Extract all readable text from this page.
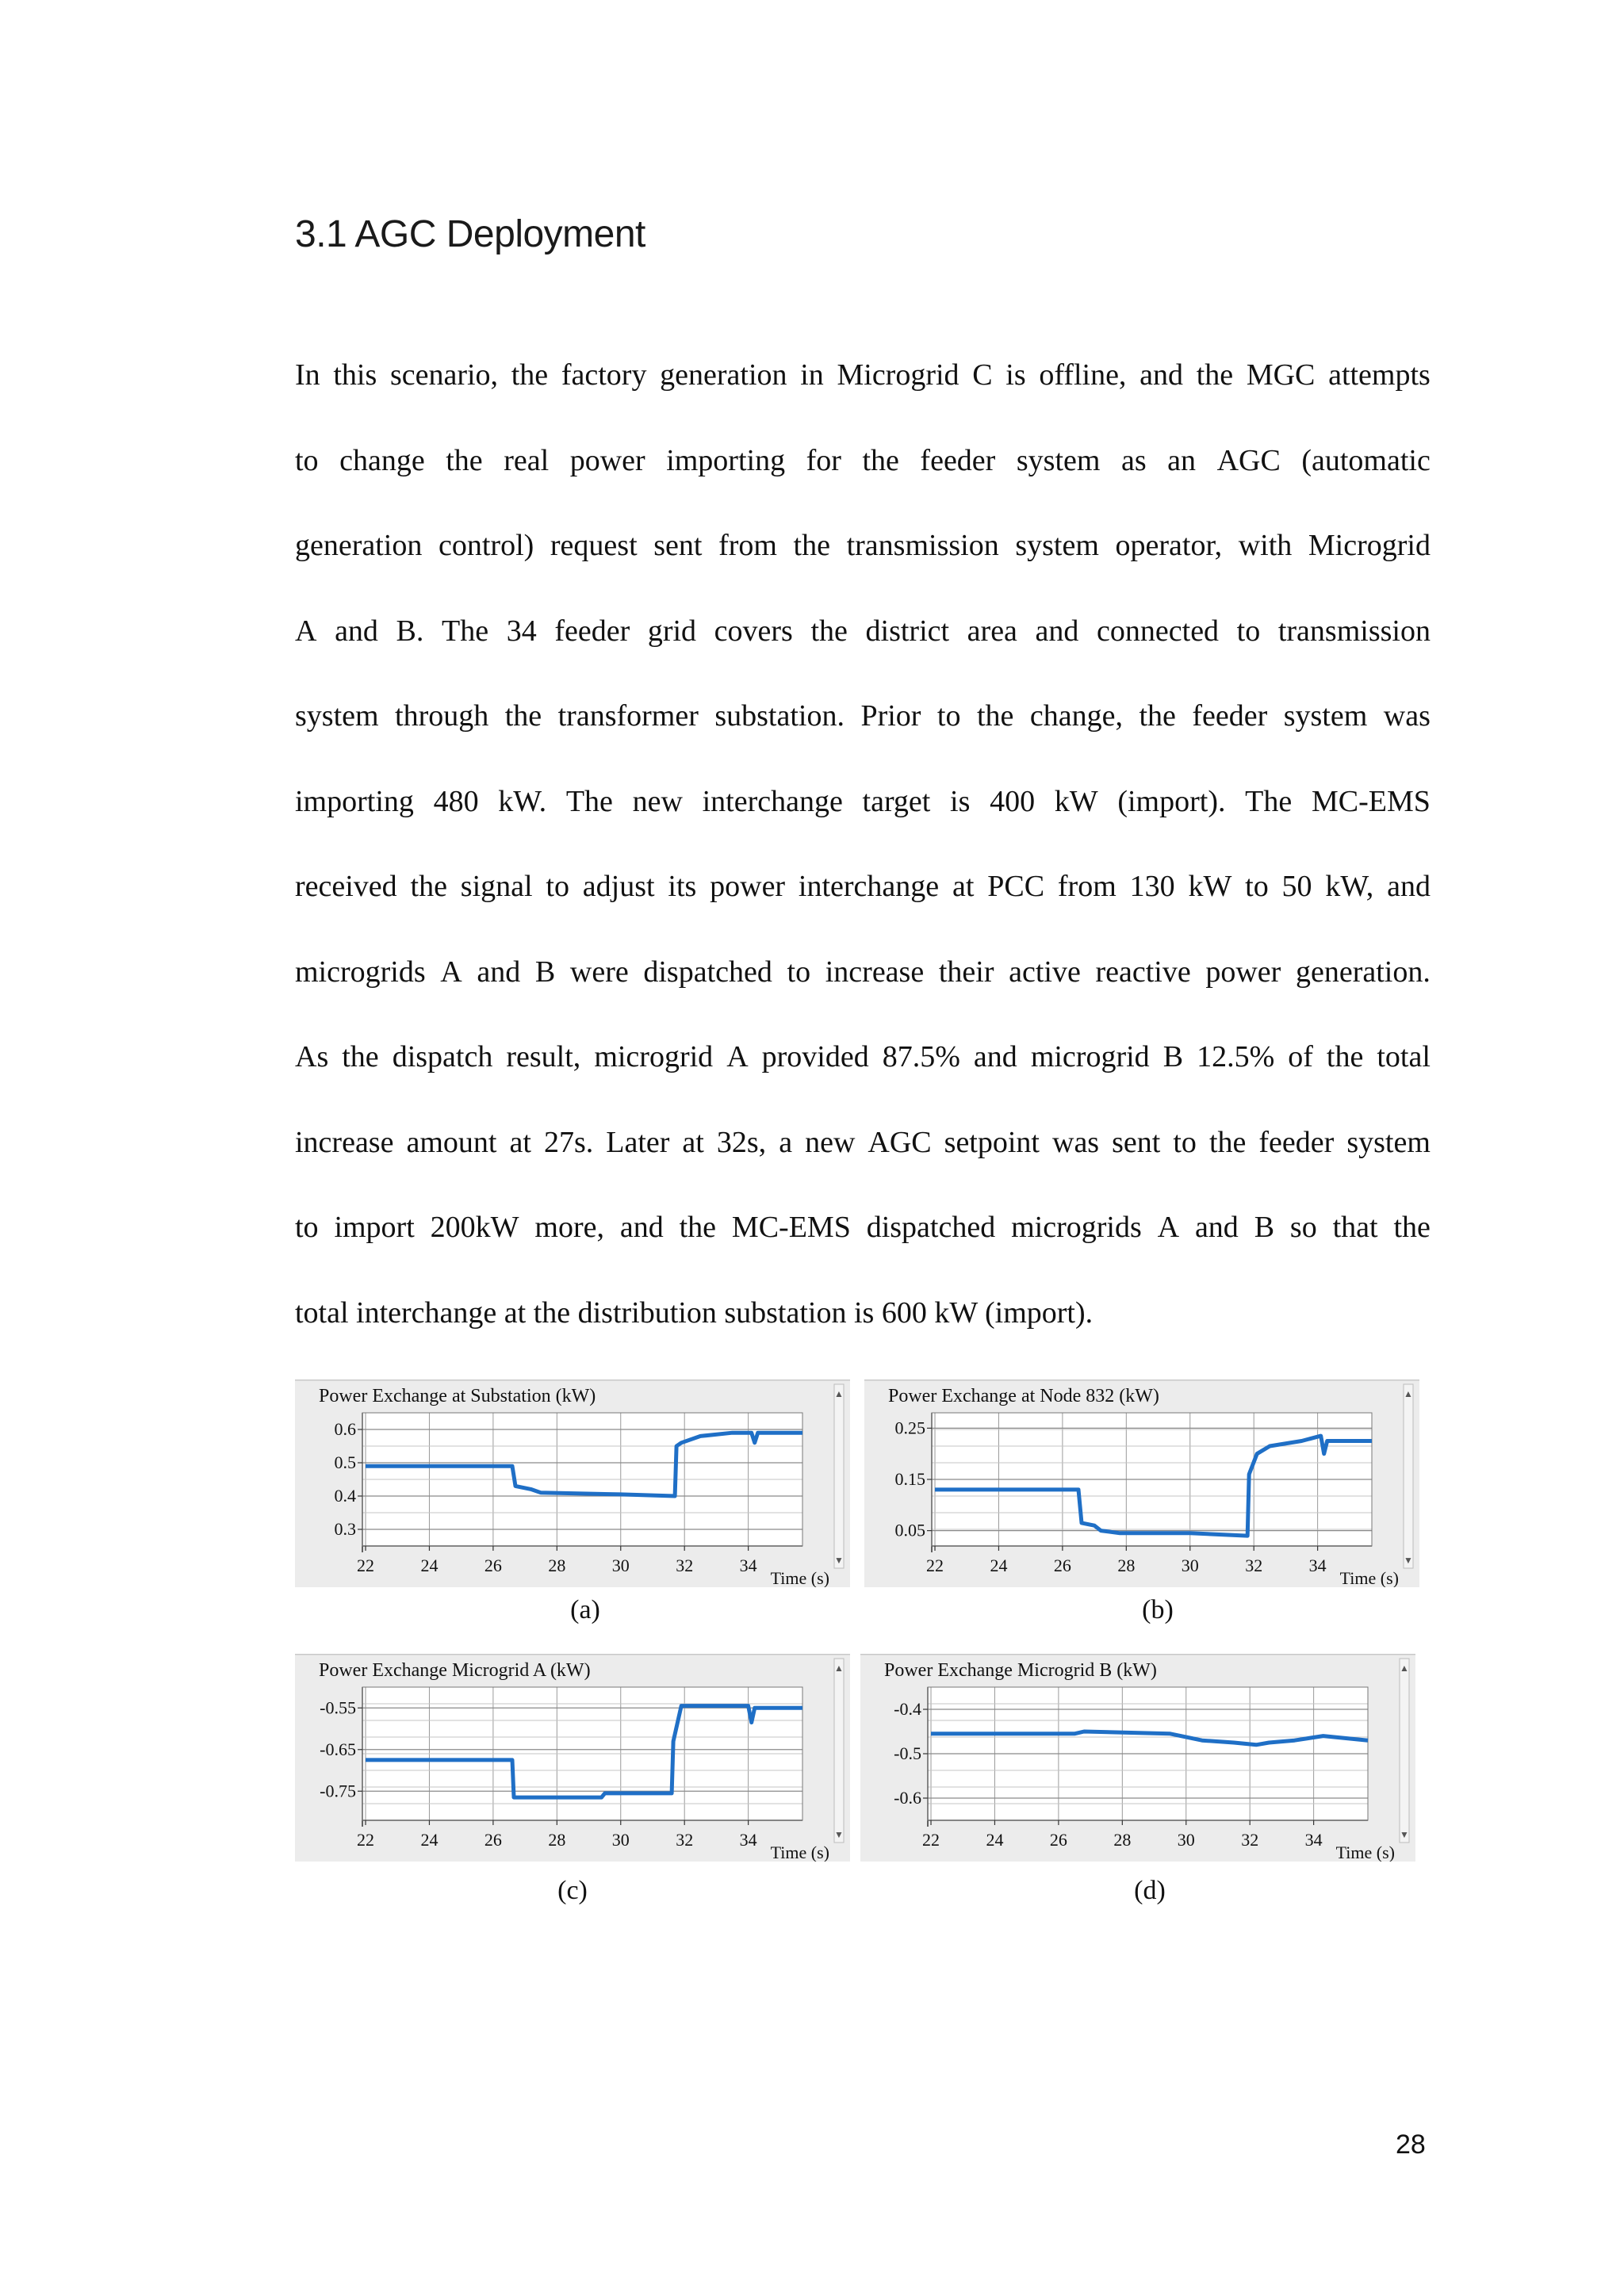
3.1 AGC Deployment
In this scenario, the factory generation in Microgrid C is offline, and the MGC attempts
to change the real power importing for the feeder system as an AGC (automatic
generation control) request sent from the transmission system operator, with Microgrid
A and B. The 34 feeder grid covers the district area and connected to transmission
system through the transformer substation. Prior to the change, the feeder system was
importing 480 kW. The new interchange target is 400 kW (import). The MC-EMS
received the signal to adjust its power interchange at PCC from 130 kW to 50 kW, and
microgrids A and B were dispatched to increase their active reactive power generation.
As the dispatch result, microgrid A provided 87.5% and microgrid B 12.5% of the total
increase amount at 27s. Later at 32s, a new AGC setpoint was sent to the feeder system
to import 200kW more, and the MC-EMS dispatched microgrids A and B so that the
total interchange at the distribution substation is 600 kW (import).
▲
▼
0.6
0.5
0.4
0.3
22	24	26	28	30	32	34
Power Exchange at Substation (kW)
Time (s)
▲
▼
0.25
0.15
0.05
22	24	26	28	30	32	34
Power Exchange at Node 832 (kW)
Time (s)
▲
▼
-0.55
-0.65
-0.75
22	24	26	28	30	32	34
Power Exchange Microgrid A (kW)
Time (s)
▲
▼
-0.4
-0.5
-0.6
22	24	26	28	30	32	34
Power Exchange Microgrid B (kW)
Time (s)
(a)	(b)
(c)	(d)
28
